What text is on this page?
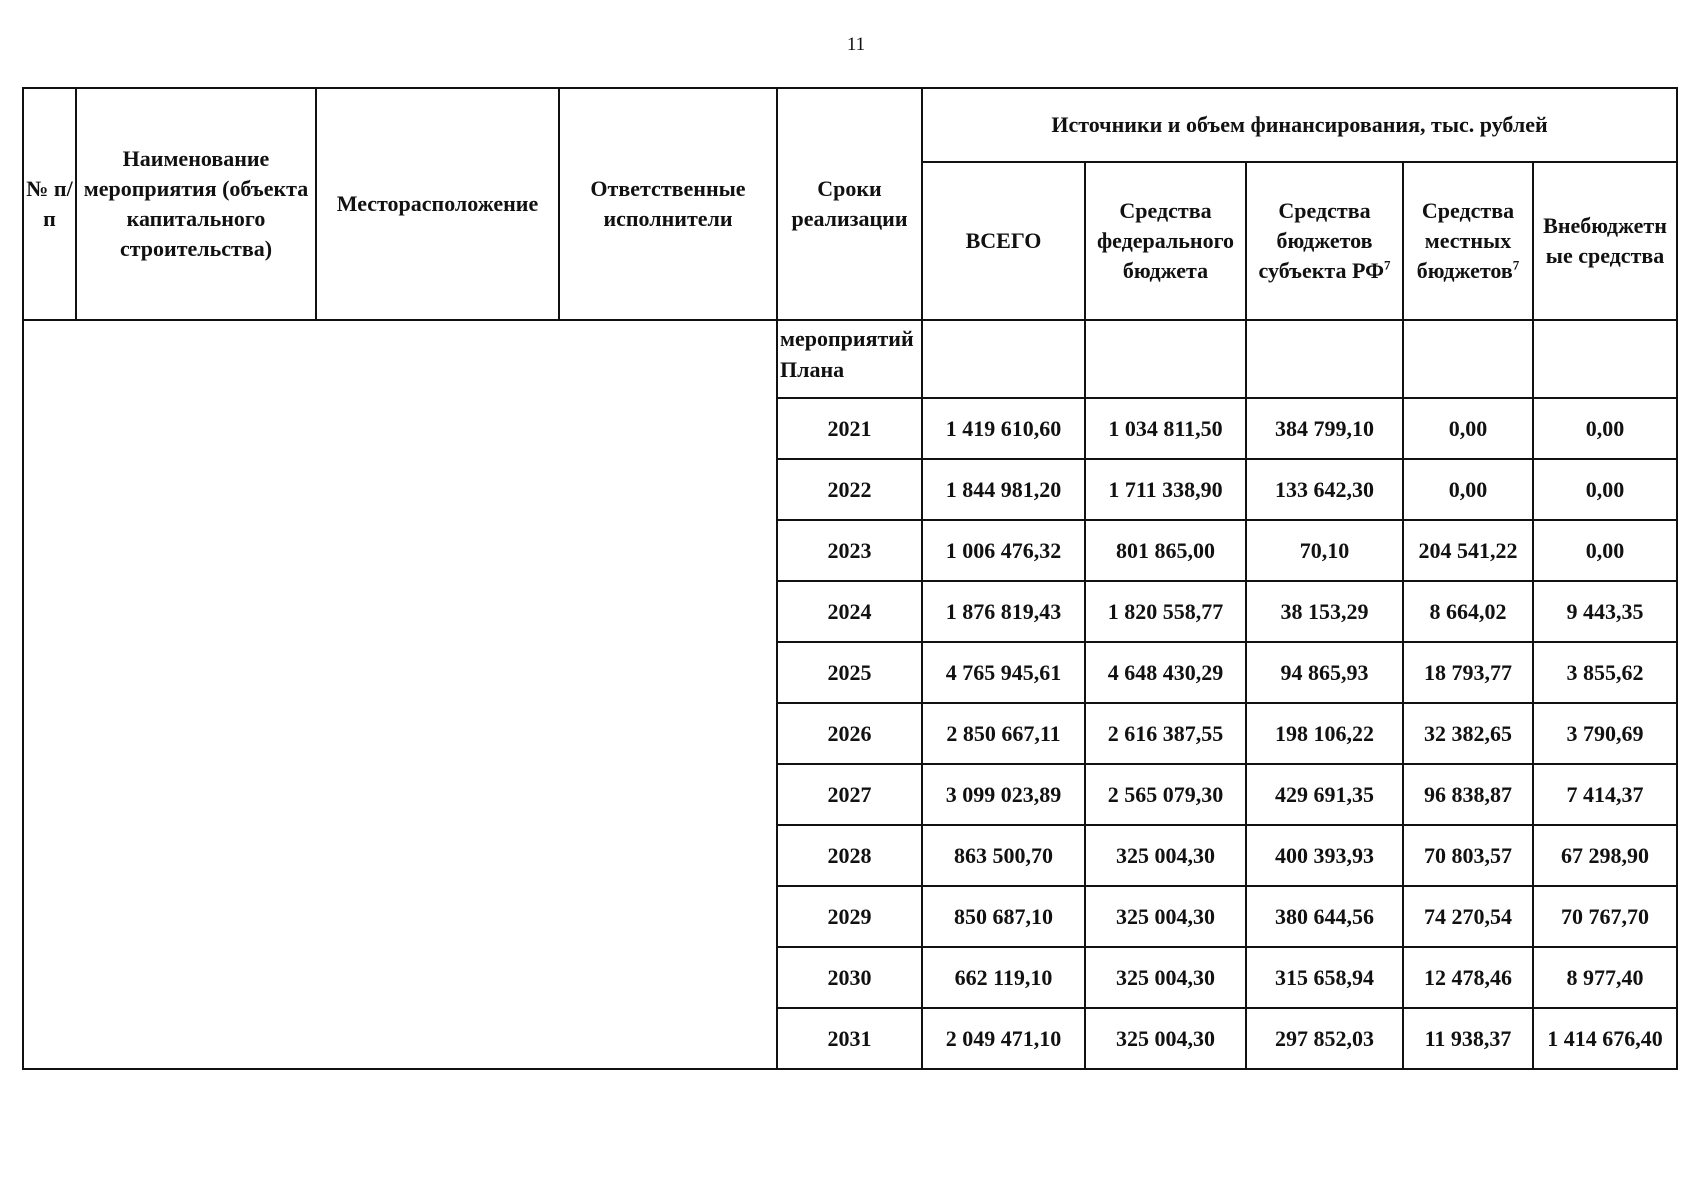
11
№ п/п	Наименование мероприятия (объекта капитального строительства)	Месторасположение	Ответственные исполнители	Сроки реализации	Источники и объем финансирования, тыс. рублей				
					ВСЕГО	Средства федерального бюджета	Средства бюджетов субъекта $РФ^7$	Средства местных бюджетов$^7$	Внебюджетные средства
				мероприятий Плана					
				2021	1 419 610,60	1 034 811,50	384 799,10	0,00	0,00
				2022	1 844 981,20	1 711 338,90	133 642,30	0,00	0,00
				2023	1 006 476,32	801 865,00	70,10	204 541,22	0,00
				2024	1 876 819,43	1 820 558,77	38 153,29	8 664,02	9 443,35
				2025	4 765 945,61	4 648 430,29	94 865,93	18 793,77	3 855,62
				2026	2 850 667,11	2 616 387,55	198 106,22	32 382,65	3 790,69
				2027	3 099 023,89	2 565 079,30	429 691,35	96 838,87	7 414,37
				2028	863 500,70	325 004,30	400 393,93	70 803,57	67 298,90
				2029	850 687,10	325 004,30	380 644,56	74 270,54	70 767,70
				2030	662 119,10	325 004,30	315 658,94	12 478,46	8 977,40
				2031	2 049 471,10	325 004,30	297 852,03	11 938,37	1 414 676,40
